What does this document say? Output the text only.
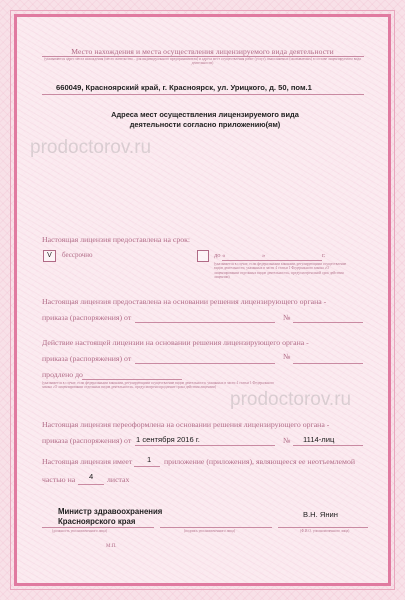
Место нахождения и места осуществления лицензируемого вида деятельности
(указываются адрес места нахождения (место жительства – для индивидуального предпринимателя) и адреса мест осуществления работ (услуг), выполняемых (оказываемых) в составе лицензируемого вида деятельности)
660049, Красноярский край, г. Красноярск, ул. Урицкого, д. 50, пом.1
Адреса мест осуществления лицензируемого вида деятельности согласно приложению(ям)
prodoctorov.ru
Настоящая лицензия предоставлена на срок:
V	бессрочно	до «	»	г.
(указывается в случае, если федеральными законами, регулирующими осуществление видов деятельности, указанных в части 4 статьи 1 Федерального закона «О лицензировании отдельных видов деятельности», предусмотрен иной срок действия лицензии)
Настоящая лицензия предоставлена на основании решения лицензирующего органа -
приказа (распоряжения) от	№
Действие настоящей лицензии на основании решения лицензирующего органа -
приказа (распоряжения) от	№
продлено до
(указывается в случае, если федеральными законами, регулирующими осуществление видов деятельности, указанных в части 4 статьи 1 Федерального закона «О лицензировании отдельных видов деятельности», предусмотрено продление срока действия лицензии)
prodoctorov.ru
Настоящая лицензия переоформлена на основании решения лицензирующего органа -
приказа (распоряжения) от 1 сентября 2016 г.	№ 1114-лиц
Настоящая лицензия имеет 1 приложение (приложения), являющееся ее неотъемлемой
частью на 4 листах
Министр здравоохранения
Красноярского края
(должность уполномоченного лица)	(подпись уполномоченного лица)
В.Н. Янин
(Ф.И.О. уполномоченного лица)
М.П.
